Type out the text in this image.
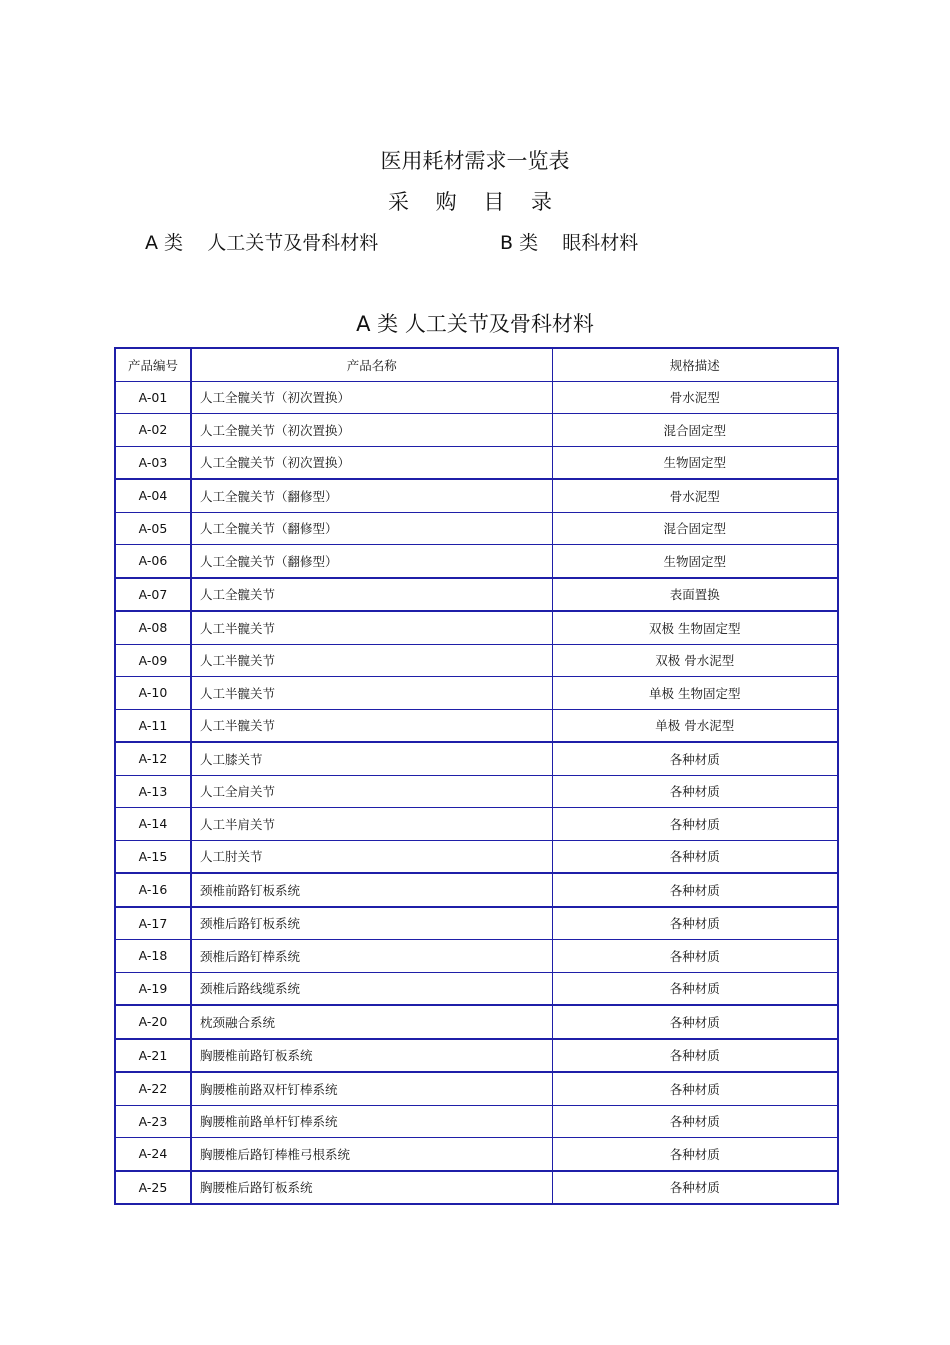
医用耗材需求一览表
采 购 目 录
A 类 人工关节及骨科材料	B 类 眼科材料
A 类 人工关节及骨科材料
产品编号	产品名称	规格描述
A-01	人工全髋关节（初次置换）	骨水泥型
A-02	人工全髋关节（初次置换）	混合固定型
A-03	人工全髋关节（初次置换）	生物固定型
A-04	人工全髋关节（翻修型）	骨水泥型
A-05	人工全髋关节（翻修型）	混合固定型
A-06	人工全髋关节（翻修型）	生物固定型
A-07	人工全髋关节	表面置换
A-08	人工半髋关节	双极 生物固定型
A-09	人工半髋关节	双极 骨水泥型
A-10	人工半髋关节	单极 生物固定型
A-11	人工半髋关节	单极 骨水泥型
A-12	人工膝关节	各种材质
A-13	人工全肩关节	各种材质
A-14	人工半肩关节	各种材质
A-15	人工肘关节	各种材质
A-16	颈椎前路钉板系统	各种材质
A-17	颈椎后路钉板系统	各种材质
A-18	颈椎后路钉棒系统	各种材质
A-19	颈椎后路线缆系统	各种材质
A-20	枕颈融合系统	各种材质
A-21	胸腰椎前路钉板系统	各种材质
A-22	胸腰椎前路双杆钉棒系统	各种材质
A-23	胸腰椎前路单杆钉棒系统	各种材质
A-24	胸腰椎后路钉棒椎弓根系统	各种材质
A-25	胸腰椎后路钉板系统	各种材质
